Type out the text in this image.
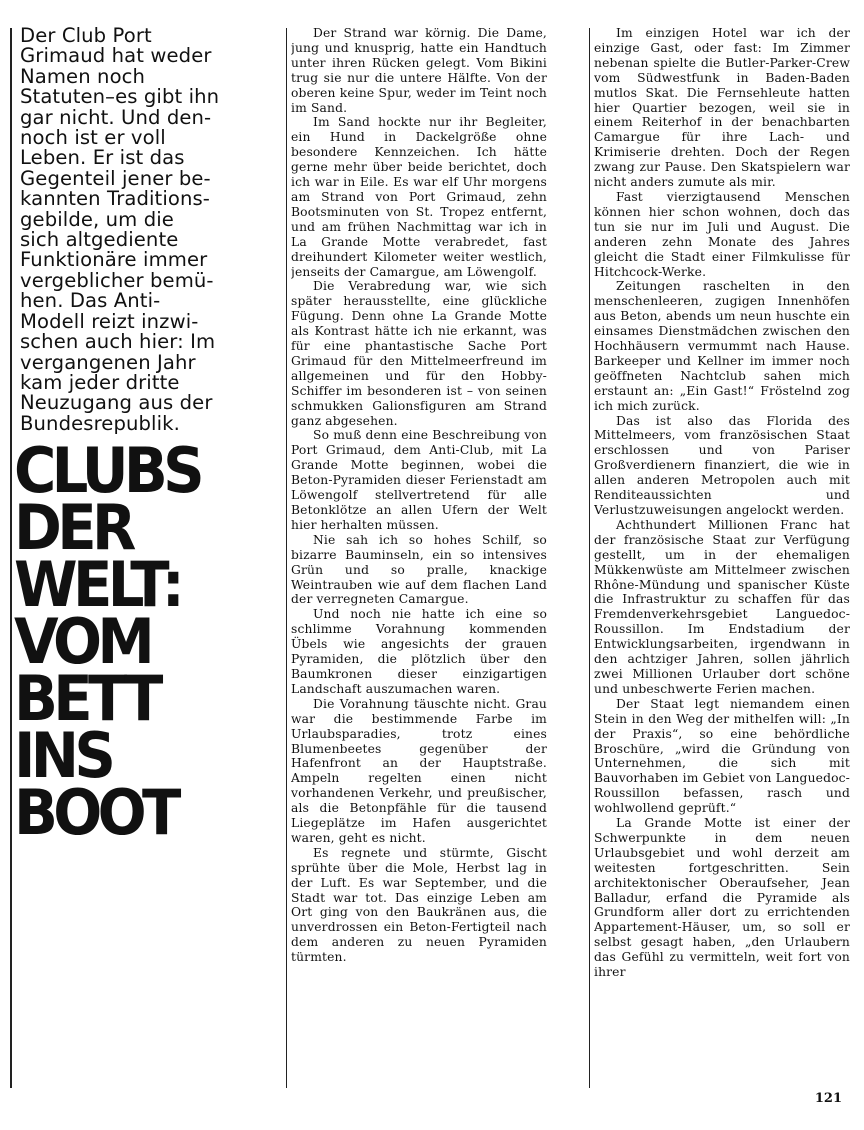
Der Club Port
Grimaud hat weder
Namen noch
Statuten–es gibt ihn
gar nicht. Und den-
noch ist er voll
Leben. Er ist das
Gegenteil jener be-
kannten Traditions-
gebilde, um die
sich altgediente
Funktionäre immer
vergeblicher bemü-
hen. Das Anti-
Modell reizt inzwi-
schen auch hier: Im
vergangenen Jahr
kam jeder dritte
Neuzugang aus der
Bundesrepublik.
CLUBS
DER
WELT:
VOM
BETT
INS
BOOT

Der Strand war körnig. Die Dame, jung und knusprig, hatte ein Handtuch unter ihren Rücken gelegt. Vom Bikini trug sie nur die untere Hälfte. Von der oberen keine Spur, weder im Teint noch im Sand.

Im Sand hockte nur ihr Begleiter, ein Hund in Dackelgröße ohne besondere Kennzeichen. Ich hätte gerne mehr über beide berichtet, doch ich war in Eile. Es war elf Uhr morgens am Strand von Port Grimaud, zehn Bootsminuten von St. Tropez entfernt, und am frühen Nachmittag war ich in La Grande Motte verabredet, fast dreihundert Kilometer weiter westlich, jenseits der Camargue, am Löwengolf.

Die Verabredung war, wie sich später herausstellte, eine glückliche Fügung. Denn ohne La Grande Motte als Kontrast hätte ich nie erkannt, was für eine phantastische Sache Port Grimaud für den Mittelmeerfreund im allgemeinen und für den Hobby-Schiffer im besonderen ist – von seinen schmukken Galionsfiguren am Strand ganz abgesehen.

So muß denn eine Beschreibung von Port Grimaud, dem Anti-Club, mit La Grande Motte beginnen, wobei die Beton-Pyramiden dieser Ferienstadt am Löwengolf stellvertretend für alle Betonklötze an allen Ufern der Welt hier herhalten müssen.

Nie sah ich so hohes Schilf, so bizarre Bauminseln, ein so intensives Grün und so pralle, knackige Weintrauben wie auf dem flachen Land der verregneten Camargue.

Und noch nie hatte ich eine so schlimme Vorahnung kommenden Übels wie angesichts der grauen Pyramiden, die plötzlich über den Baumkronen dieser einzigartigen Landschaft auszumachen waren.

Die Vorahnung täuschte nicht. Grau war die bestimmende Farbe im Urlaubsparadies, trotz eines Blumenbeetes gegenüber der Hafenfront an der Hauptstraße. Ampeln regelten einen nicht vorhandenen Verkehr, und preußischer, als die Betonpfähle für die tausend Liegeplätze im Hafen ausgerichtet waren, geht es nicht.

Es regnete und stürmte, Gischt sprühte über die Mole, Herbst lag in der Luft. Es war September, und die Stadt war tot. Das einzige Leben am Ort ging von den Baukränen aus, die unverdrossen ein Beton-Fertigteil nach dem anderen zu neuen Pyramiden türmten.

Im einzigen Hotel war ich der einzige Gast, oder fast: Im Zimmer nebenan spielte die Butler-Parker-Crew vom Südwestfunk in Baden-Baden mutlos Skat. Die Fernsehleute hatten hier Quartier bezogen, weil sie in einem Reiterhof in der benachbarten Camargue für ihre Lach- und Krimiserie drehten. Doch der Regen zwang zur Pause. Den Skatspielern war nicht anders zumute als mir.

Fast vierzigtausend Menschen können hier schon wohnen, doch das tun sie nur im Juli und August. Die anderen zehn Monate des Jahres gleicht die Stadt einer Filmkulisse für Hitchcock-Werke.

Zeitungen raschelten in den menschenleeren, zugigen Innenhöfen aus Beton, abends um neun huschte ein einsames Dienstmädchen zwischen den Hochhäusern vermummt nach Hause. Barkeeper und Kellner im immer noch geöffneten Nachtclub sahen mich erstaunt an: „Ein Gast!“ Fröstelnd zog ich mich zurück.

Das ist also das Florida des Mittelmeers, vom französischen Staat erschlossen und von Pariser Großverdienern finanziert, die wie in allen anderen Metropolen auch mit Renditeaussichten und Verlustzuweisungen angelockt werden.

Achthundert Millionen Franc hat der französische Staat zur Verfügung gestellt, um in der ehemaligen Mükkenwüste am Mittelmeer zwischen Rhône-Mündung und spanischer Küste die Infrastruktur zu schaffen für das Fremdenverkehrsgebiet Languedoc-Roussillon. Im Endstadium der Entwicklungsarbeiten, irgendwann in den achtziger Jahren, sollen jährlich zwei Millionen Urlauber dort schöne und unbeschwerte Ferien machen.

Der Staat legt niemandem einen Stein in den Weg der mithelfen will: „In der Praxis“, so eine behördliche Broschüre, „wird die Gründung von Unternehmen, die sich mit Bauvorhaben im Gebiet von Languedoc-Roussillon befassen, rasch und wohlwollend geprüft.“

La Grande Motte ist einer der Schwerpunkte in dem neuen Urlaubsgebiet und wohl derzeit am weitesten fortgeschritten. Sein architektonischer Oberaufseher, Jean Balladur, erfand die Pyramide als Grundform aller dort zu errichtenden Appartement-Häuser, um, so soll er selbst gesagt haben, „den Urlaubern das Gefühl zu vermitteln, weit fort von ihrer

121
